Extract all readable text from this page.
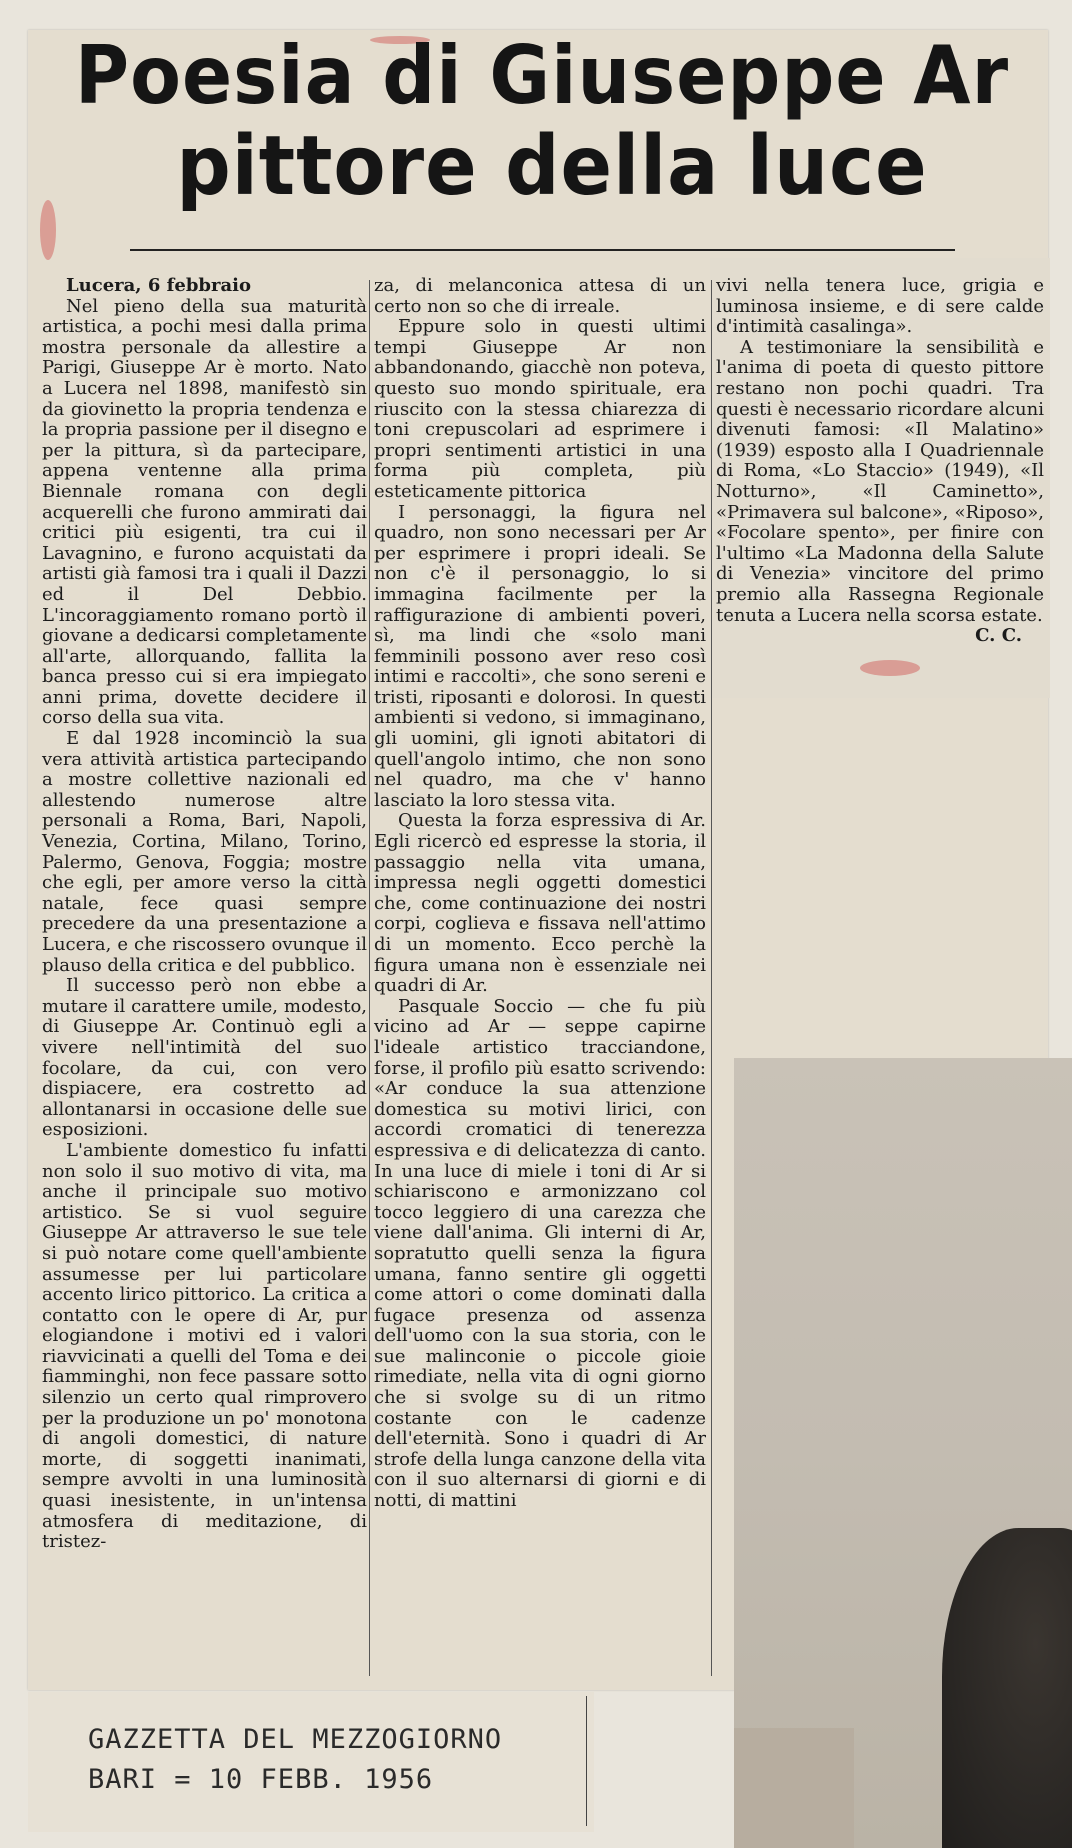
Poesia di Giuseppe Ar
pittore della luce

Lucera, 6 febbraio

Nel pieno della sua maturità artistica, a pochi mesi dalla prima mostra personale da allestire a Parigi, Giuseppe Ar è morto. Nato a Lucera nel 1898, manifestò sin da giovinetto la propria tendenza e la propria passione per il disegno e per la pittura, sì da partecipare, appena ventenne alla prima Biennale romana con degli acquerelli che furono ammirati dai critici più esigenti, tra cui il Lavagnino, e furono acquistati da artisti già famosi tra i quali il Dazzi ed il Del Debbio. L'incoraggiamento romano portò il giovane a dedicarsi completamente all'arte, allorquando, fallita la banca presso cui si era impiegato anni prima, dovette decidere il corso della sua vita.

E dal 1928 incominciò la sua vera attività artistica partecipando a mostre collettive nazionali ed allestendo numerose altre personali a Roma, Bari, Napoli, Venezia, Cortina, Milano, Torino, Palermo, Genova, Foggia; mostre che egli, per amore verso la città natale, fece quasi sempre precedere da una presentazione a Lucera, e che riscossero ovunque il plauso della critica e del pubblico.

Il successo però non ebbe a mutare il carattere umile, modesto, di Giuseppe Ar. Continuò egli a vivere nell'intimità del suo focolare, da cui, con vero dispiacere, era costretto ad allontanarsi in occasione delle sue esposizioni.

L'ambiente domestico fu infatti non solo il suo motivo di vita, ma anche il principale suo motivo artistico. Se si vuol seguire Giuseppe Ar attraverso le sue tele si può notare come quell'ambiente assumesse per lui particolare accento lirico pittorico. La critica a contatto con le opere di Ar, pur elogiandone i motivi ed i valori riavvicinati a quelli del Toma e dei fiamminghi, non fece passare sotto silenzio un certo qual rimprovero per la produzione un po' monotona di angoli domestici, di nature morte, di soggetti inanimati, sempre avvolti in una luminosità quasi inesistente, in un'intensa atmosfera di meditazione, di tristez-

za, di melanconica attesa di un certo non so che di irreale.

Eppure solo in questi ultimi tempi Giuseppe Ar non abbandonando, giacchè non poteva, questo suo mondo spirituale, era riuscito con la stessa chiarezza di toni crepuscolari ad esprimere i propri sentimenti artistici in una forma più completa, più esteticamente pittorica

I personaggi, la figura nel quadro, non sono necessari per Ar per esprimere i propri ideali. Se non c'è il personaggio, lo si immagina facilmente per la raffigurazione di ambienti poveri, sì, ma lindi che «solo mani femminili possono aver reso così intimi e raccolti», che sono sereni e tristi, riposanti e dolorosi. In questi ambienti si vedono, si immaginano, gli uomini, gli ignoti abitatori di quell'angolo intimo, che non sono nel quadro, ma che v' hanno lasciato la loro stessa vita.

Questa la forza espressiva di Ar. Egli ricercò ed espresse la storia, il passaggio nella vita umana, impressa negli oggetti domestici che, come continuazione dei nostri corpi, coglieva e fissava nell'attimo di un momento. Ecco perchè la figura umana non è essenziale nei quadri di Ar.

Pasquale Soccio — che fu più vicino ad Ar — seppe capirne l'ideale artistico tracciandone, forse, il profilo più esatto scrivendo: «Ar conduce la sua attenzione domestica su motivi lirici, con accordi cromatici di tenerezza espressiva e di delicatezza di canto. In una luce di miele i toni di Ar si schiariscono e armonizzano col tocco leggiero di una carezza che viene dall'anima. Gli interni di Ar, sopratutto quelli senza la figura umana, fanno sentire gli oggetti come attori o come dominati dalla fugace presenza od assenza dell'uomo con la sua storia, con le sue malinconie o piccole gioie rimediate, nella vita di ogni giorno che si svolge su di un ritmo costante con le cadenze dell'eternità. Sono i quadri di Ar strofe della lunga canzone della vita con il suo alternarsi di giorni e di notti, di mattini

vivi nella tenera luce, grigia e luminosa insieme, e di sere calde d'intimità casalinga».

A testimoniare la sensibilità e l'anima di poeta di questo pittore restano non pochi quadri. Tra questi è necessario ricordare alcuni divenuti famosi: «Il Malatino» (1939) esposto alla I Quadriennale di Roma, «Lo Staccio» (1949), «Il Notturno», «Il Caminetto», «Primavera sul balcone», «Riposo», «Focolare spento», per finire con l'ultimo «La Madonna della Salute di Venezia» vincitore del primo premio alla Rassegna Regionale tenuta a Lucera nella scorsa estate.

C. C.

GAZZETTA DEL MEZZOGIORNO
BARI = 10 FEBB. 1956
